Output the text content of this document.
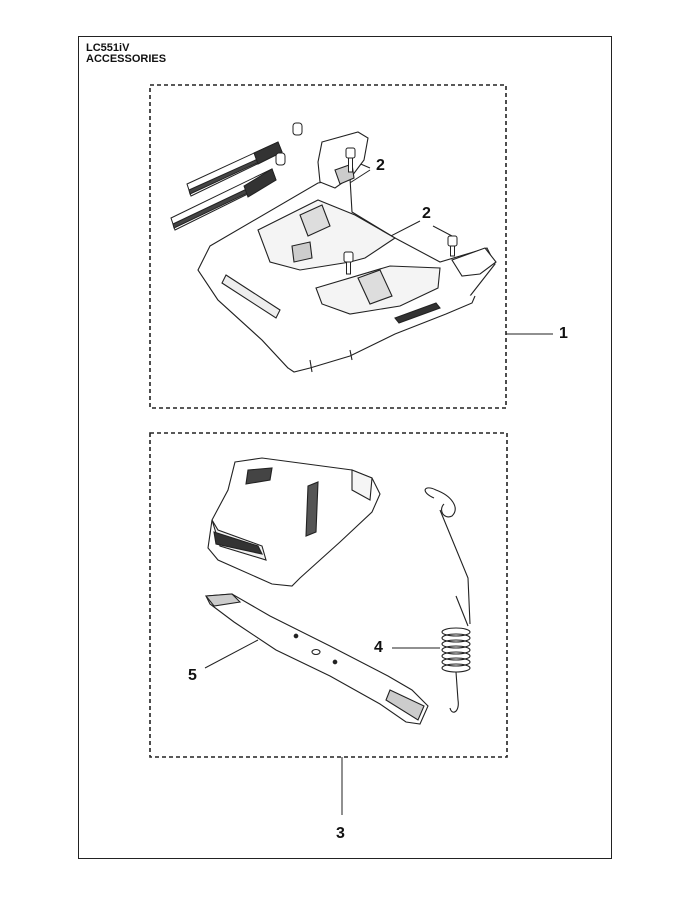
LC551iV
ACCESSORIES
1
2
2
3
4
5
